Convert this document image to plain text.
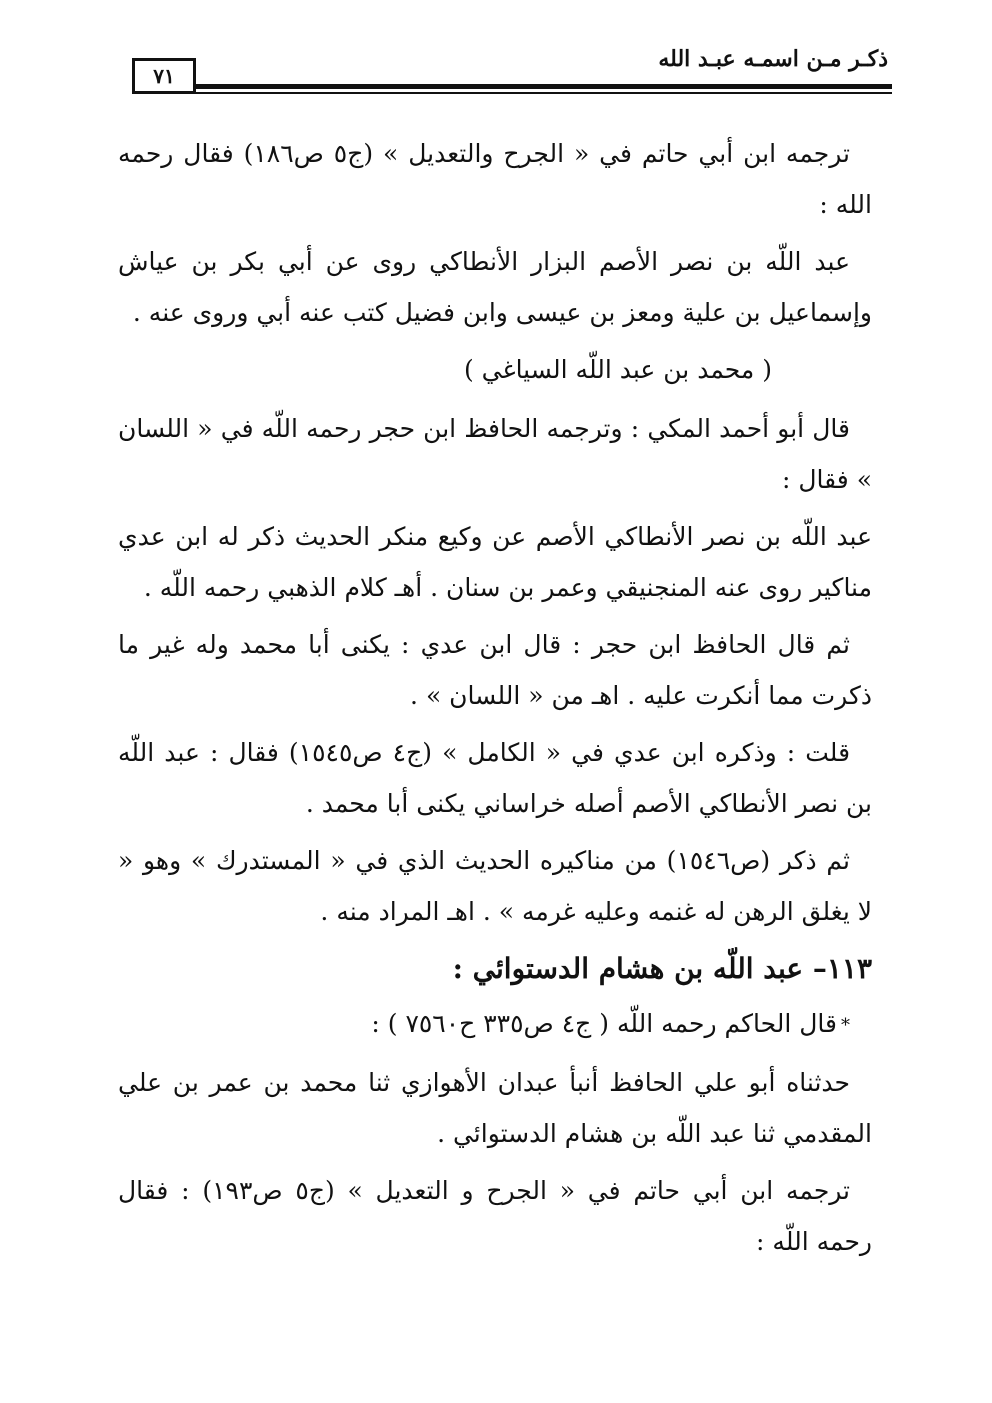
٧١
ذكـر مـن اسمـه عبـد الله

ترجمه ابن أبي حاتم في « الجرح والتعديل » (ج٥ ص١٨٦) فقال رحمه الله :

عبد اللّه بن نصر الأصم البزار الأنطاكي روى عن أبي بكر بن عياش وإسماعيل بن علية ومعز بن عيسى وابن فضيل كتب عنه أبي وروى عنه .

( محمد بن عبد اللّه السياغي )

قال أبو أحمد المكي : وترجمه الحافظ ابن حجر رحمه اللّه في « اللسان » فقال :

عبد اللّه بن نصر الأنطاكي الأصم عن وكيع منكر الحديث ذكر له ابن عدي مناكير روى عنه المنجنيقي وعمر بن سنان . أهـ كلام الذهبي رحمه اللّه .

ثم قال الحافظ ابن حجر : قال ابن عدي : يكنى أبا محمد وله غير ما ذكرت مما أنكرت عليه . اهـ من « اللسان » .

قلت : وذكره ابن عدي في « الكامل » (ج٤ ص١٥٤٥) فقال : عبد اللّه بن نصر الأنطاكي الأصم أصله خراساني يكنى أبا محمد .

ثم ذكر (ص١٥٤٦) من مناكيره الحديث الذي في « المستدرك » وهو « لا يغلق الرهن له غنمه وعليه غرمه » . اهـ المراد منه .

١١٣– عبد اللّه بن هشام الدستوائي :

*قال الحاكم رحمه اللّه ( ج٤ ص٣٣٥ ح٧٥٦٠ ) :

حدثناه أبو علي الحافظ أنبأ عبدان الأهوازي ثنا محمد بن عمر بن علي المقدمي ثنا عبد اللّه بن هشام الدستوائي .

ترجمه ابن أبي حاتم في « الجرح و التعديل » (ج٥ ص١٩٣) : فقال رحمه اللّه :
